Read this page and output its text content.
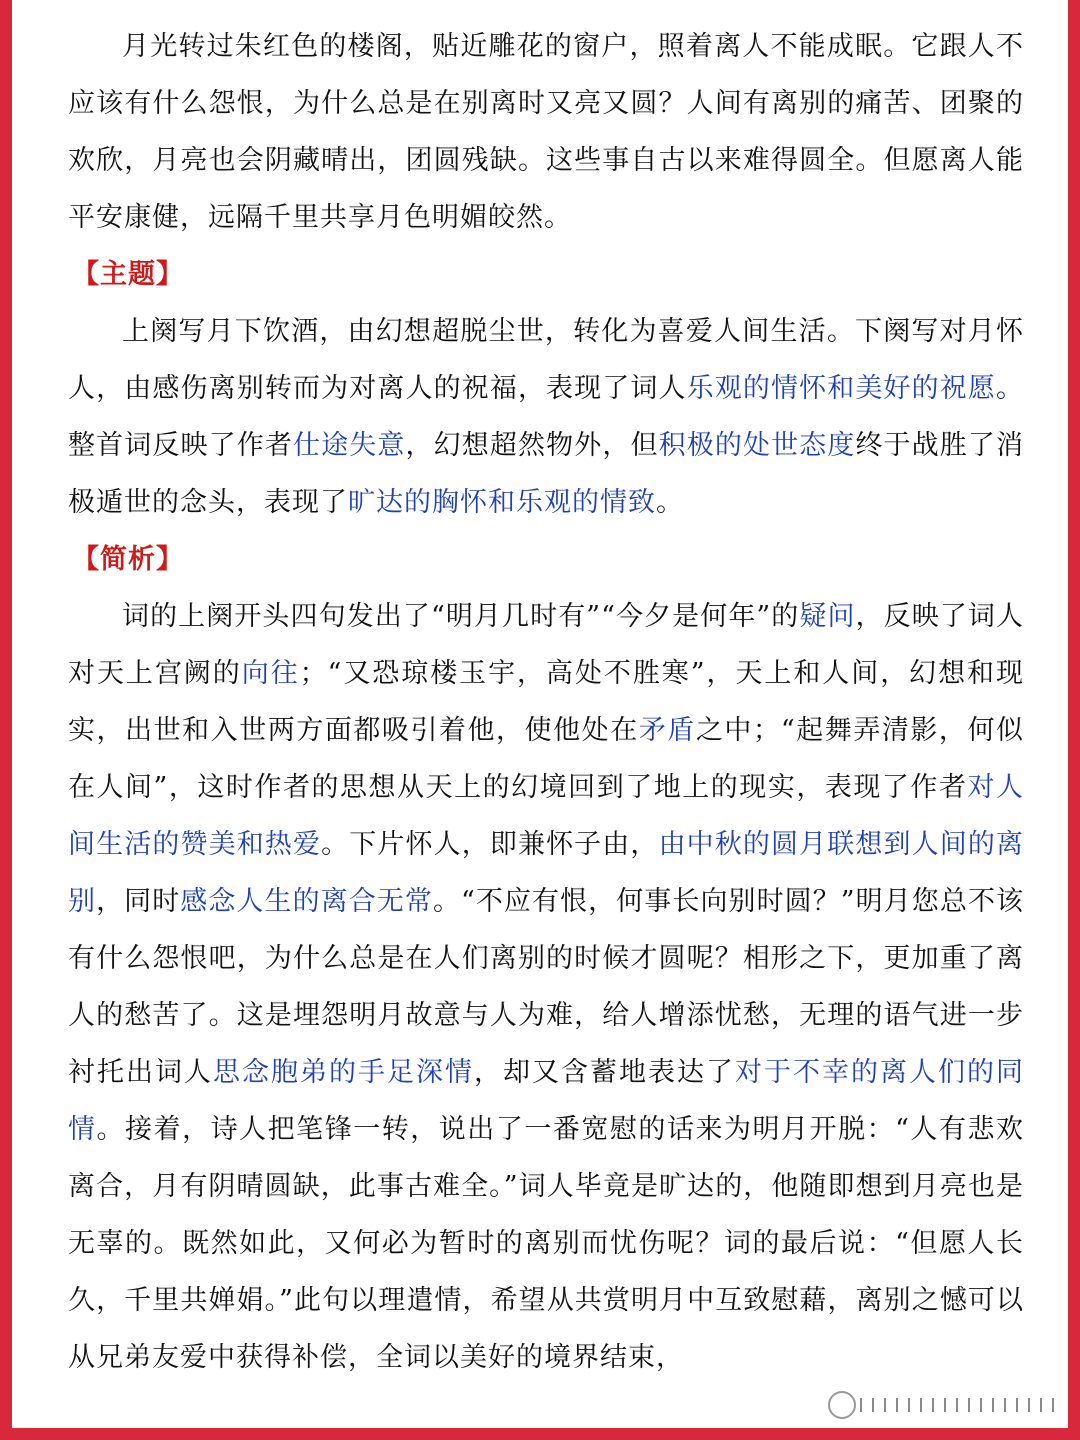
月光转过朱红色的楼阁，贴近雕花的窗户，照着离人不能成眠。它跟人不应该有什么怨恨，为什么总是在别离时又亮又圆？人间有离别的痛苦、团聚的欢欣，月亮也会阴藏晴出，团圆残缺。这些事自古以来难得圆全。但愿离人能平安康健，远隔千里共享月色明媚皎然。

【主题】

上阕写月下饮酒，由幻想超脱尘世，转化为喜爱人间生活。下阕写对月怀人，由感伤离别转而为对离人的祝福，表现了词人乐观的情怀和美好的祝愿。整首词反映了作者仕途失意，幻想超然物外，但积极的处世态度终于战胜了消极遁世的念头，表现了旷达的胸怀和乐观的情致。

【简析】

词的上阕开头四句发出了“明月几时有”“今夕是何年”的疑问，反映了词人对天上宫阙的向往；“又恐琼楼玉宇，高处不胜寒”，天上和人间，幻想和现实，出世和入世两方面都吸引着他，使他处在矛盾之中；“起舞弄清影，何似在人间”，这时作者的思想从天上的幻境回到了地上的现实，表现了作者对人间生活的赞美和热爱。下片怀人，即兼怀子由，由中秋的圆月联想到人间的离别，同时感念人生的离合无常。“不应有恨，何事长向别时圆？”明月您总不该有什么怨恨吧，为什么总是在人们离别的时候才圆呢？相形之下，更加重了离人的愁苦了。这是埋怨明月故意与人为难，给人增添忧愁，无理的语气进一步衬托出词人思念胞弟的手足深情，却又含蓄地表达了对于不幸的离人们的同情。接着，诗人把笔锋一转，说出了一番宽慰的话来为明月开脱：“人有悲欢离合，月有阴晴圆缺，此事古难全。”词人毕竟是旷达的，他随即想到月亮也是无辜的。既然如此，又何必为暂时的离别而忧伤呢？词的最后说：“但愿人长久，千里共婵娟。”此句以理遣情，希望从共赏明月中互致慰藉，离别之憾可以从兄弟友爱中获得补偿，全词以美好的境界结束，
